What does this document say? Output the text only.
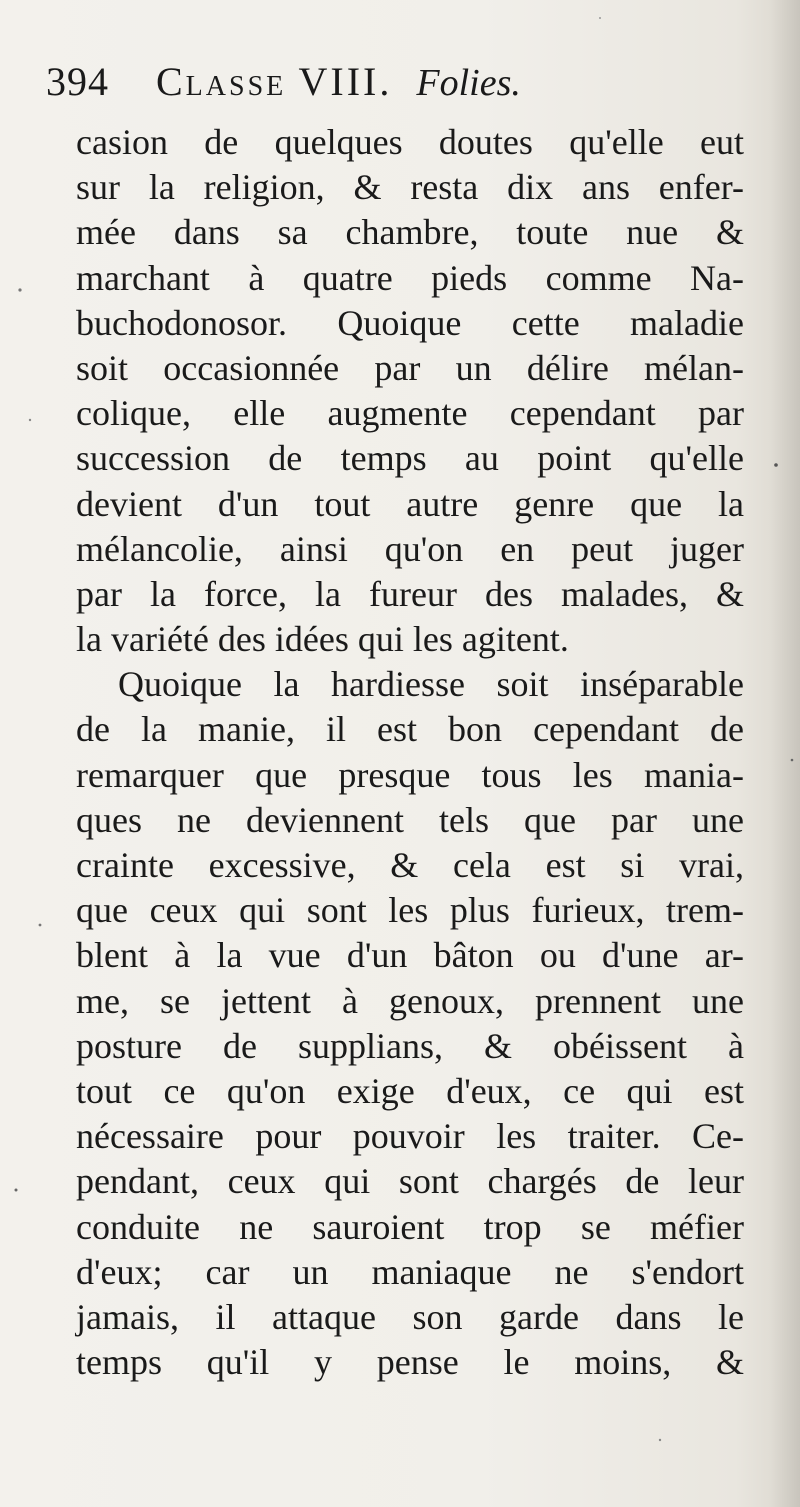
394 Classe VIII. Folies.
casion de quelques doutes qu'elle eut
sur la religion, & resta dix ans enfer-
mée dans sa chambre, toute nue &
marchant à quatre pieds comme Na-
buchodonosor. Quoique cette maladie
soit occasionnée par un délire mélan-
colique, elle augmente cependant par
succession de temps au point qu'elle
devient d'un tout autre genre que la
mélancolie, ainsi qu'on en peut juger
par la force, la fureur des malades, &
la variété des idées qui les agitent.
Quoique la hardiesse soit inséparable
de la manie, il est bon cependant de
remarquer que presque tous les mania-
ques ne deviennent tels que par une
crainte excessive, & cela est si vrai,
que ceux qui sont les plus furieux, trem-
blent à la vue d'un bâton ou d'une ar-
me, se jettent à genoux, prennent une
posture de supplians, & obéissent à
tout ce qu'on exige d'eux, ce qui est
nécessaire pour pouvoir les traiter. Ce-
pendant, ceux qui sont chargés de leur
conduite ne sauroient trop se méfier
d'eux; car un maniaque ne s'endort
jamais, il attaque son garde dans le
temps qu'il y pense le moins, &
